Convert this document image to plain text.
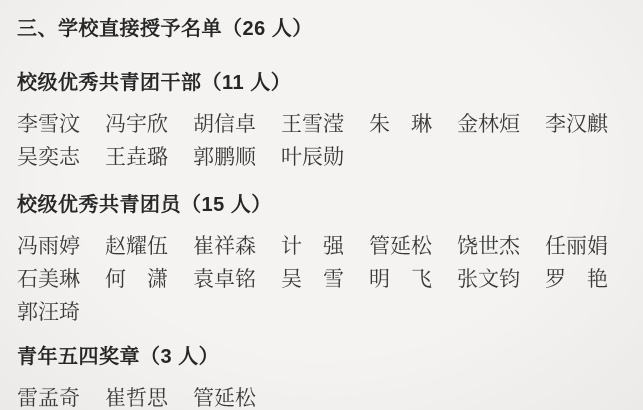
三、学校直接授予名单（26 人）
校级优秀共青团干部（11 人）
李雪汶 冯宇欣 胡信卓 王雪滢 朱　琳 金林烜 李汉麒
吴奕志 王垚璐 郭鹏顺 叶辰勋
校级优秀共青团员（15 人）
冯雨婷 赵耀伍 崔祥森 计　强 管延松 饶世杰 任丽娟
石美琳 何　潇 袁卓铭 吴　雪 明　飞 张文钧 罗　艳
郭汪琦
青年五四奖章（3 人）
雷孟奇 崔哲思 管延松
